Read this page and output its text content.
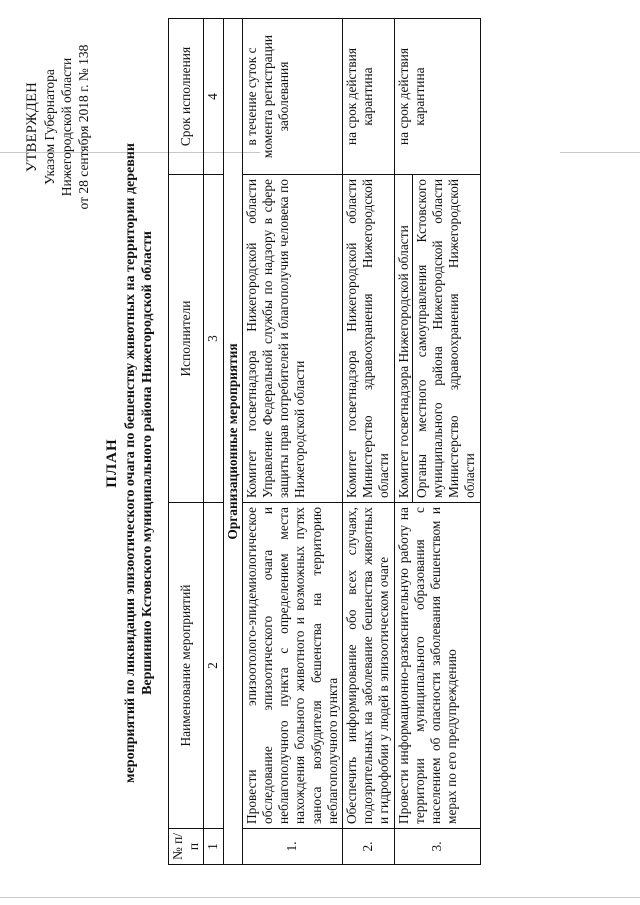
УТВЕРЖДЕН Указом Губернатора Нижегородской области от 28 сентября 2018 г. № 138
ПЛАН мероприятий по ликвидации эпизоотического очага по бешенству животных на территории деревни Вершинино Кстовского муниципального района Нижегородской области
№ п/п	Наименование мероприятий	Исполнители	Срок исполнения
1	2	3	4
Организационные мероприятия			
1.	Провести эпизоотолого-эпидемиологическое обследование эпизоотического очага и неблагополучного пункта с определением места нахождения больного животного и возможных путях заноса возбудителя бешенства на территорию неблагополучного пункта	Комитет госветнадзора Нижегородской области Управление Федеральной службы по надзору в сфере защиты прав потребителей и благополучия человека по Нижегородской области	в течение суток с момента регистрации заболевания
2.	Обеспечить информирование обо всех случаях, подозрительных на заболевание бешенства животных и гидрофобии у людей в эпизоотическом очаге	Комитет госветнадзора Нижегородской области Министерство здравоохранения Нижегородской области	на срок действия карантина
3.	Провести информационно-разъяснительную работу на территории муниципального образования с населением об опасности заболевания бешенством и мерах по его предупреждению	Комитет госветнадзора Нижегородской области Органы местного самоуправления Кстовского муниципального района Нижегородской области Министерство здравоохранения Нижегородской области	на срок действия карантина
